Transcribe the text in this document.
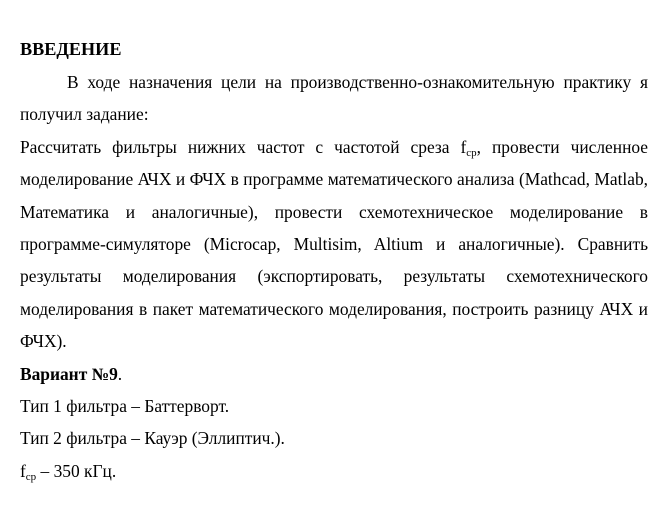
ВВЕДЕНИЕ

В ходе назначения цели на производственно-ознакомительную практику я получил задание:

Рассчитать фильтры нижних частот с частотой среза $f_{ср}$, провести численное моделирование АЧХ и ФЧХ в программе математического анализа (Mathcad, Matlab, Математика и аналогичные), провести схемотехническое моделирование в программе-симуляторе (Microcap, Multisim, Altium и аналогичные). Сравнить результаты моделирования (экспортировать, результаты схемотехнического моделирования в пакет математического моделирования, построить разницу АЧХ и ФЧХ).

Вариант №9.

Тип 1 фильтра – Баттерворт.

Тип 2 фильтра – Кауэр (Эллиптич.).

$f_{ср} - 350$ кГц.
